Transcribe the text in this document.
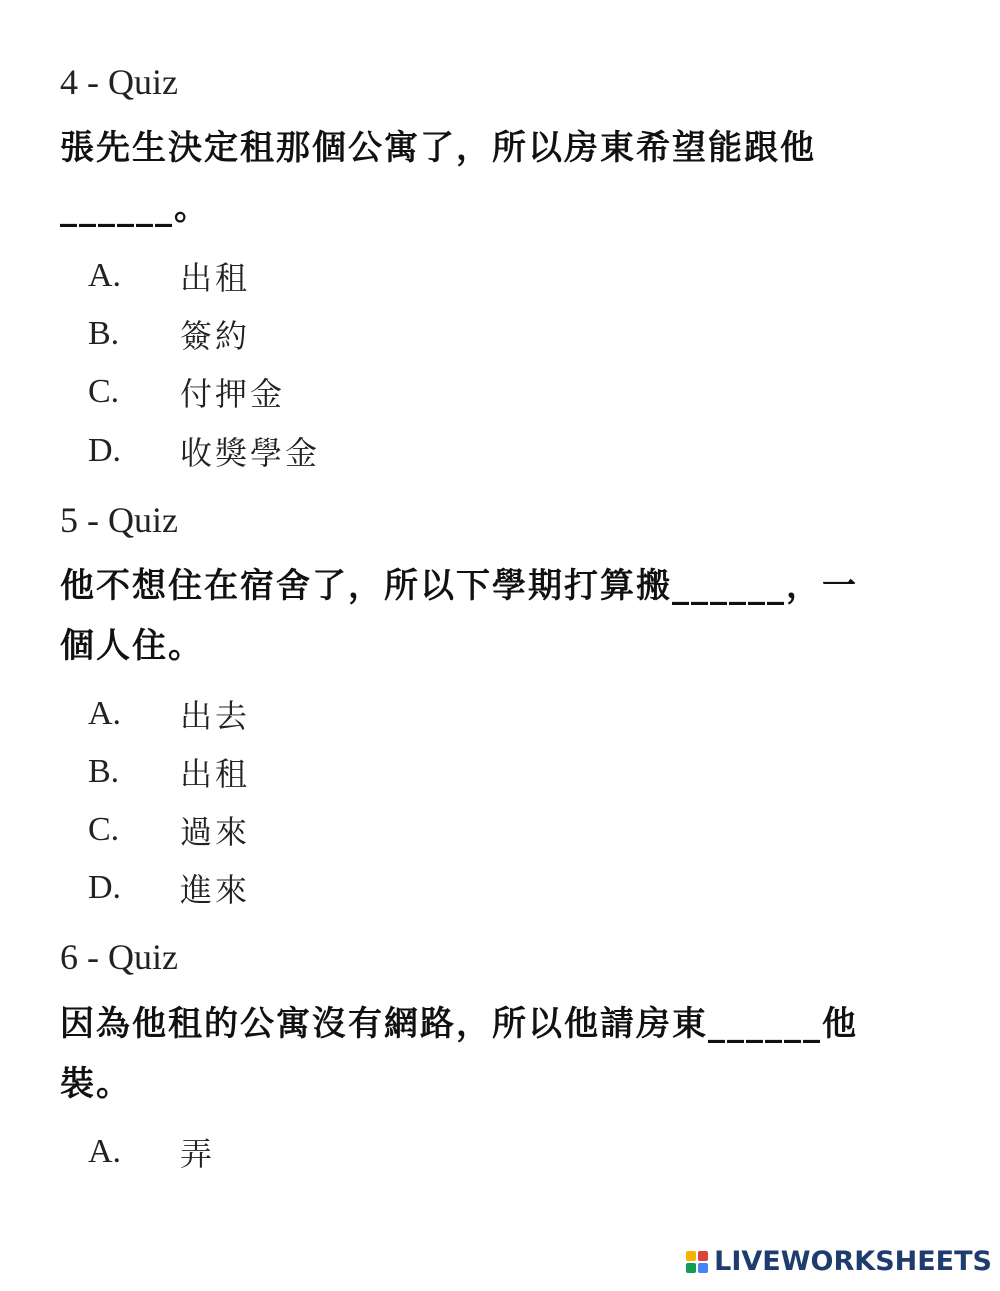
4 - Quiz
張先生決定租那個公寓了，所以房東希望能跟他
______。
A.	出租
B.	簽約
C.	付押金
D.	收獎學金
5 - Quiz
他不想住在宿舍了，所以下學期打算搬______，一
個人住。
A.	出去
B.	出租
C.	過來
D.	進來
6 - Quiz
因為他租的公寓沒有網路，所以他請房東______他
裝。
A.	弄
LIVEWORKSHEETS
